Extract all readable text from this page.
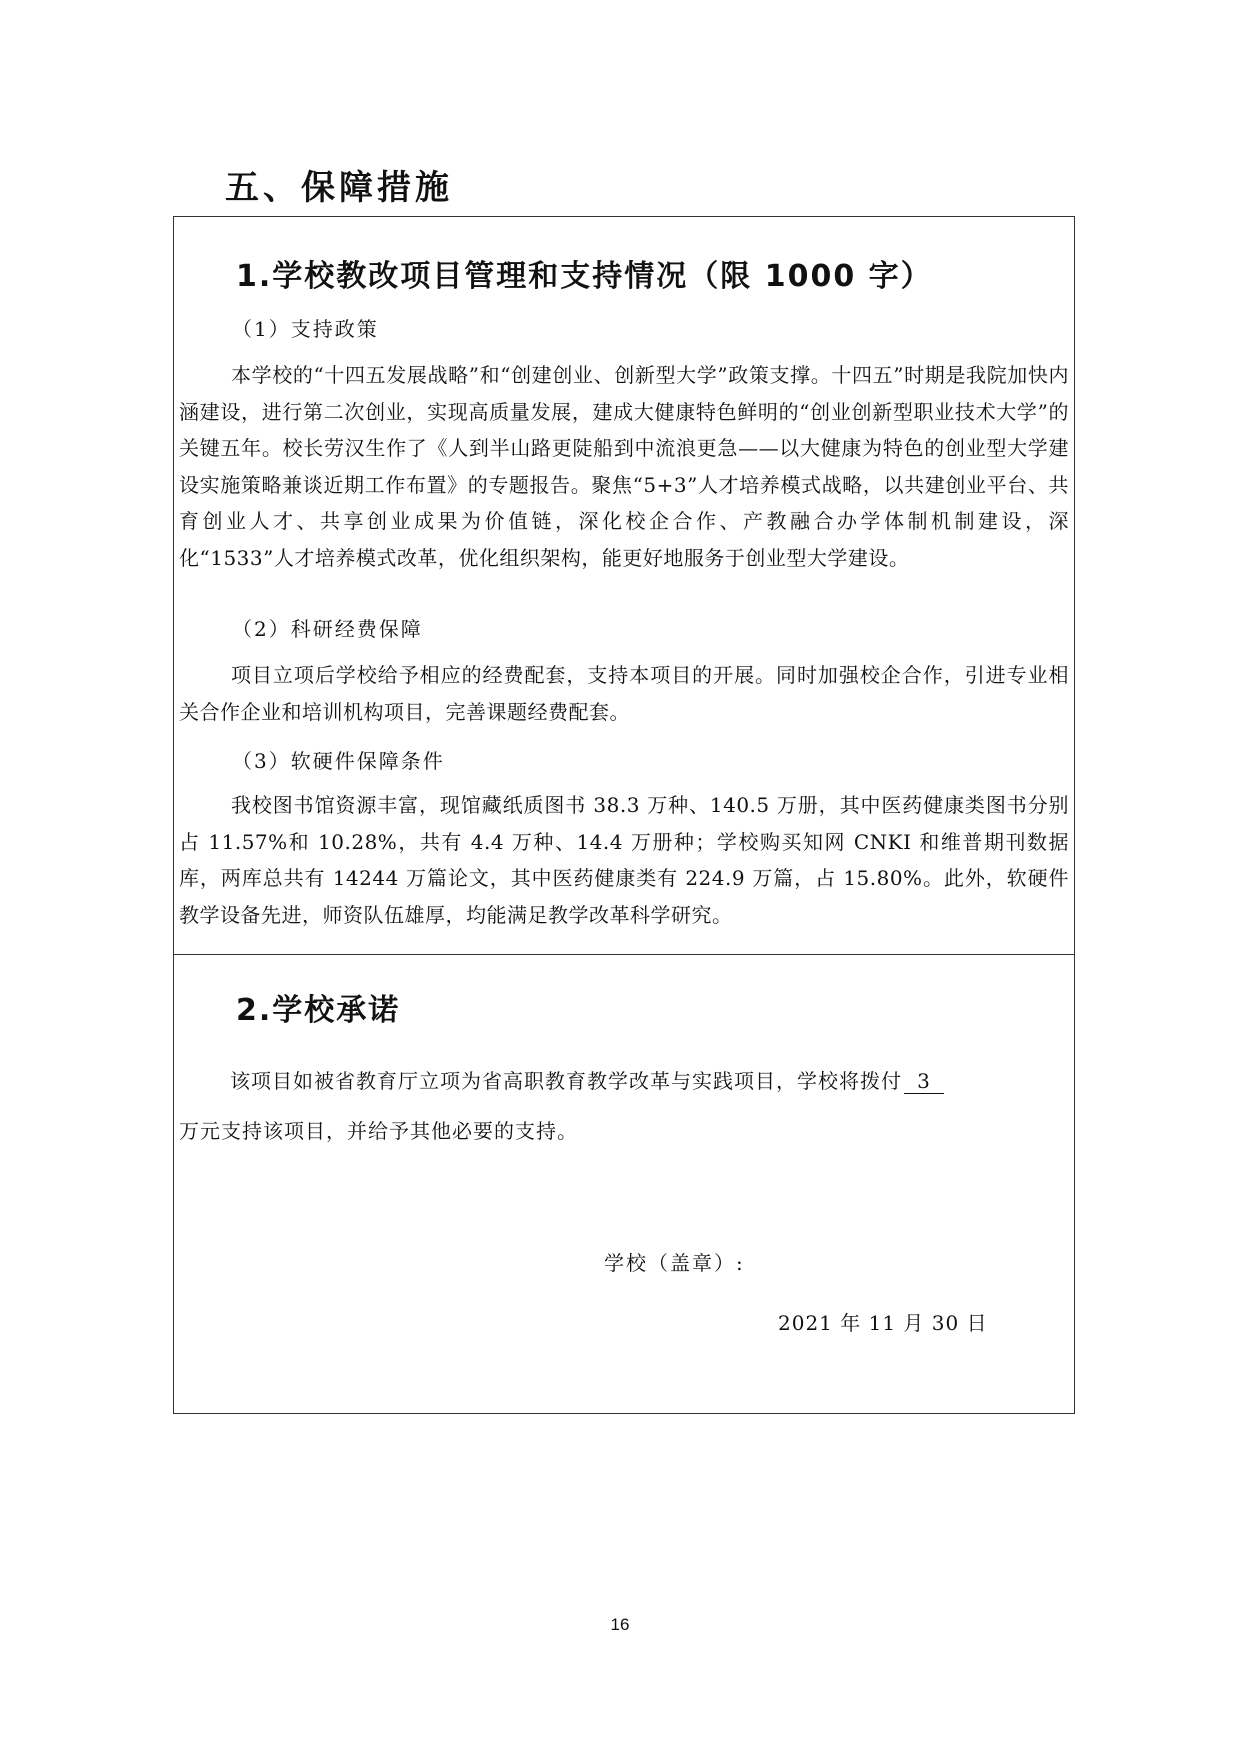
五、保障措施
1.学校教改项目管理和支持情况（限 1000 字）
（1）支持政策
本学校的“十四五发展战略”和“创建创业、创新型大学”政策支撑。十四五”时期是我院加快内涵建设，进行第二次创业，实现高质量发展，建成大健康特色鲜明的“创业创新型职业技术大学”的关键五年。校长劳汉生作了《人到半山路更陡船到中流浪更急——以大健康为特色的创业型大学建设实施策略兼谈近期工作布置》的专题报告。聚焦“5+3”人才培养模式战略，以共建创业平台、共育创业人才、共享创业成果为价值链，深化校企合作、产教融合办学体制机制建设，深化“1533”人才培养模式改革，优化组织架构，能更好地服务于创业型大学建设。
（2）科研经费保障
项目立项后学校给予相应的经费配套，支持本项目的开展。同时加强校企合作，引进专业相关合作企业和培训机构项目，完善课题经费配套。
（3）软硬件保障条件
我校图书馆资源丰富，现馆藏纸质图书 38.3 万种、140.5 万册，其中医药健康类图书分别占 11.57%和 10.28%，共有 4.4 万种、14.4 万册种；学校购买知网 CNKI 和维普期刊数据库，两库总共有 14244 万篇论文，其中医药健康类有 224.9 万篇，占 15.80%。此外，软硬件教学设备先进，师资队伍雄厚，均能满足教学改革科学研究。
2.学校承诺
该项目如被省教育厅立项为省高职教育教学改革与实践项目，学校将拨付 3
万元支持该项目，并给予其他必要的支持。
学校（盖章）:
2021 年 11 月 30 日
16
